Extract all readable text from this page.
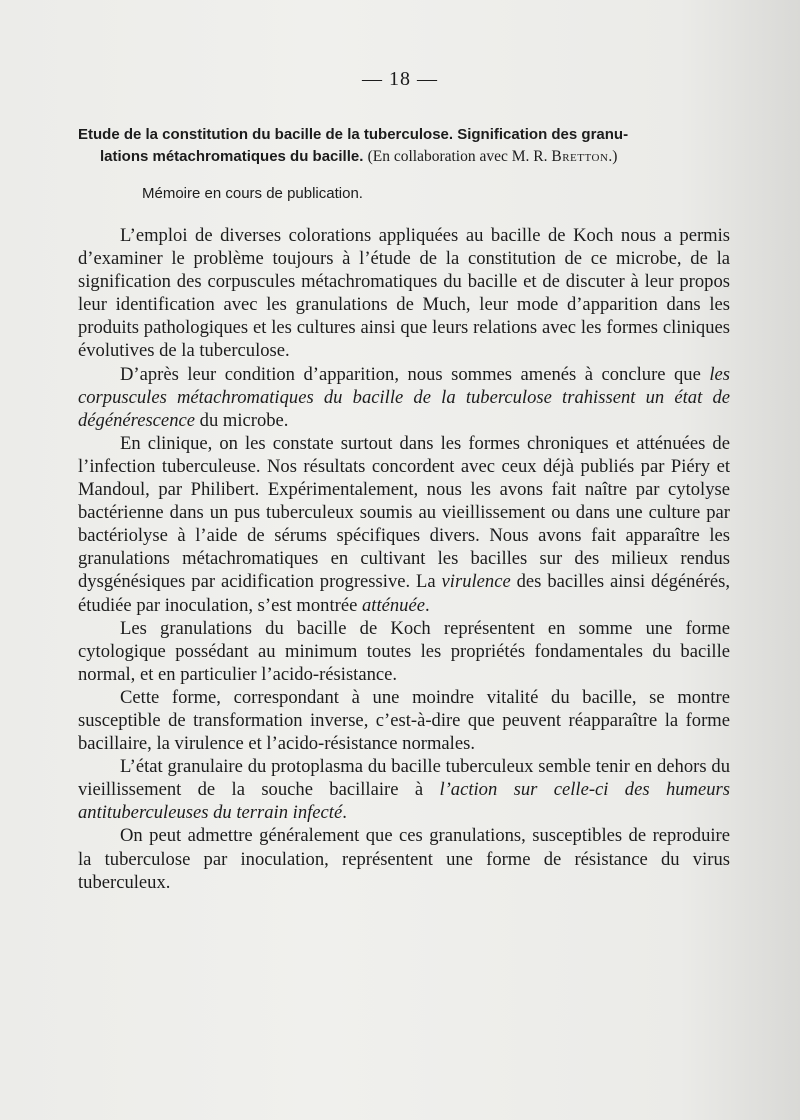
— 18 —
Etude de la constitution du bacille de la tuberculose. Signification des granu-
lations métachromatiques du bacille. (En collaboration avec M. R. Bretton.)
Mémoire en cours de publication.

L’emploi de diverses colorations appliquées au bacille de Koch nous a permis d’examiner le problème toujours à l’étude de la constitution de ce microbe, de la signification des corpuscules métachromatiques du bacille et de discuter à leur propos leur identification avec les granulations de Much, leur mode d’apparition dans les produits pathologiques et les cultures ainsi que leurs relations avec les formes cliniques évolutives de la tuberculose.

D’après leur condition d’apparition, nous sommes amenés à conclure que les corpuscules métachromatiques du bacille de la tuberculose trahissent un état de dégénérescence du microbe.

En clinique, on les constate surtout dans les formes chroniques et atténuées de l’infection tuberculeuse. Nos résultats concordent avec ceux déjà publiés par Piéry et Mandoul, par Philibert. Expérimentalement, nous les avons fait naître par cytolyse bactérienne dans un pus tuberculeux soumis au vieillissement ou dans une culture par bactériolyse à l’aide de sérums spécifiques divers. Nous avons fait apparaître les granulations métachromatiques en cultivant les bacilles sur des milieux rendus dysgénésiques par acidification progressive. La virulence des bacilles ainsi dégénérés, étudiée par inoculation, s’est montrée atténuée.

Les granulations du bacille de Koch représentent en somme une forme cytologique possédant au minimum toutes les propriétés fondamentales du bacille normal, et en particulier l’acido-résistance.

Cette forme, correspondant à une moindre vitalité du bacille, se montre susceptible de transformation inverse, c’est-à-dire que peuvent réapparaître la forme bacillaire, la virulence et l’acido-résistance normales.

L’état granulaire du protoplasma du bacille tuberculeux semble tenir en dehors du vieillissement de la souche bacillaire à l’action sur celle-ci des humeurs antituberculeuses du terrain infecté.

On peut admettre généralement que ces granulations, susceptibles de reproduire la tuberculose par inoculation, représentent une forme de résistance du virus tuberculeux.
